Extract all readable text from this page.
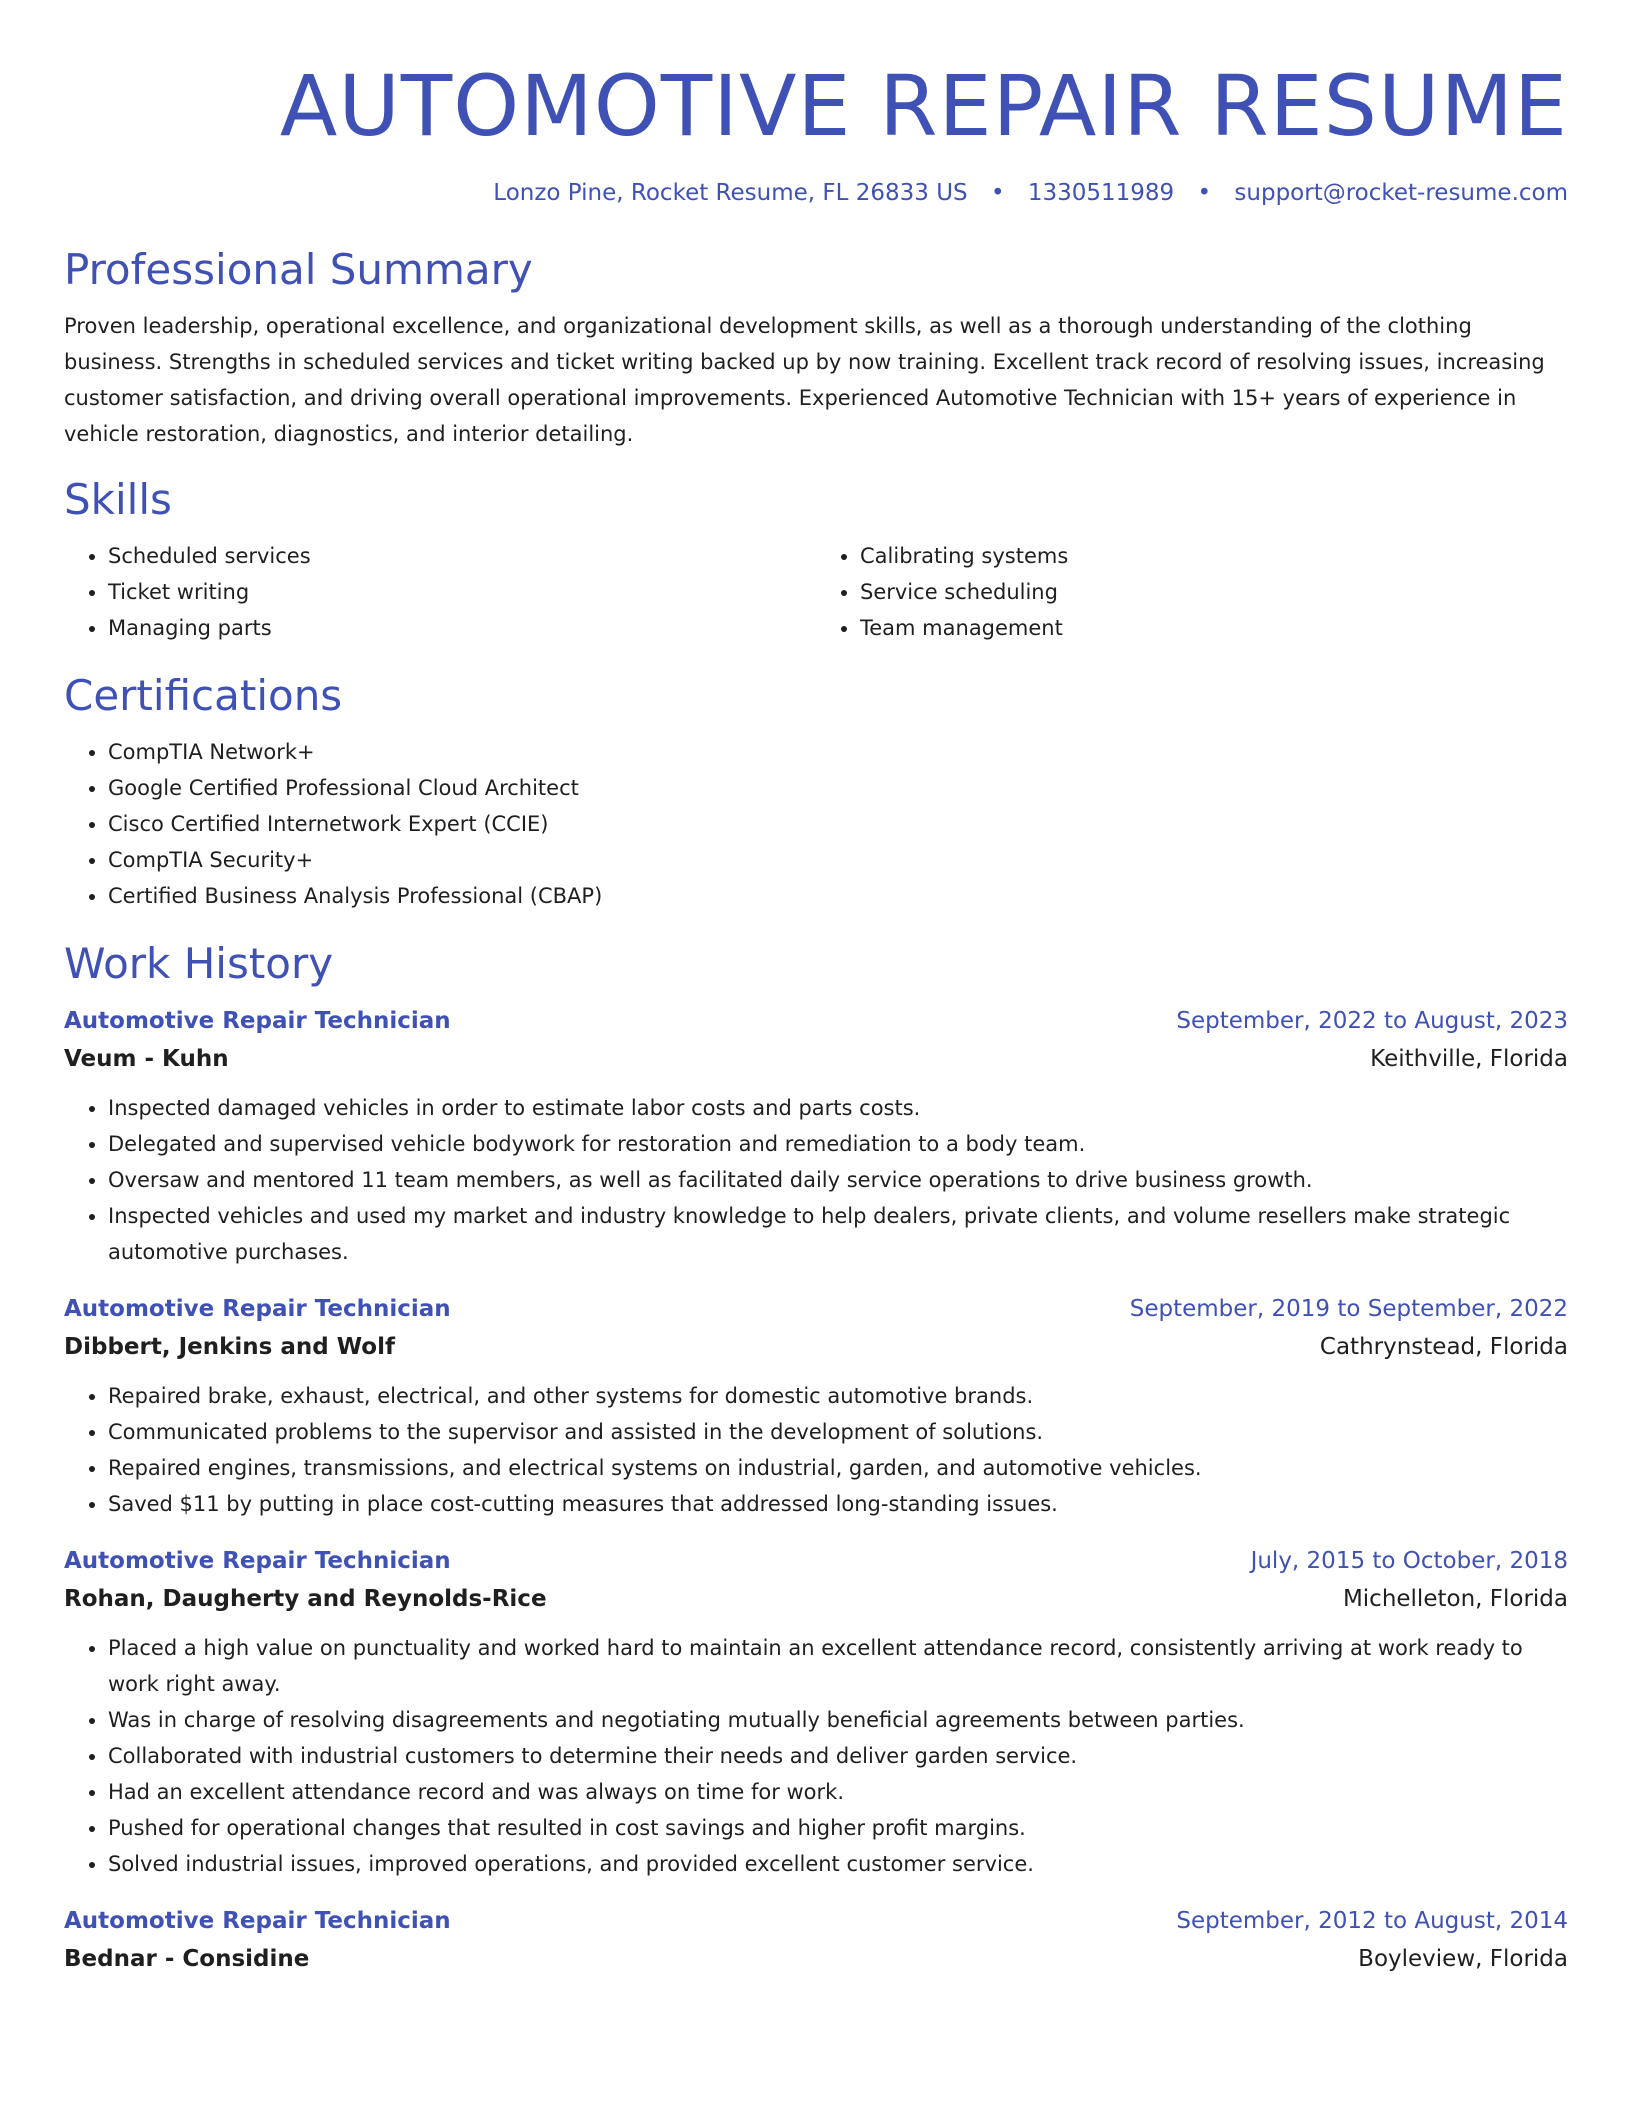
AUTOMOTIVE REPAIR RESUME
Lonzo Pine, Rocket Resume, FL 26833 US • 1330511989 • support@rocket-resume.com
Professional Summary

Proven leadership, operational excellence, and organizational development skills, as well as a thorough understanding of the clothing business. Strengths in scheduled services and ticket writing backed up by now training. Excellent track record of resolving issues, increasing customer satisfaction, and driving overall operational improvements. Experienced Automotive Technician with 15+ years of experience in vehicle restoration, diagnostics, and interior detailing.

Skills
• Scheduled services
• Ticket writing
• Managing parts
• Calibrating systems
• Service scheduling
• Team management
Certifications
• CompTIA Network+
• Google Certified Professional Cloud Architect
• Cisco Certified Internetwork Expert (CCIE)
• CompTIA Security+
• Certified Business Analysis Professional (CBAP)
Work History
Automotive Repair Technician	September, 2022 to August, 2023
Veum - Kuhn	Keithville, Florida
• Inspected damaged vehicles in order to estimate labor costs and parts costs.
• Delegated and supervised vehicle bodywork for restoration and remediation to a body team.
• Oversaw and mentored 11 team members, as well as facilitated daily service operations to drive business growth.
• Inspected vehicles and used my market and industry knowledge to help dealers, private clients, and volume resellers make strategic automotive purchases.
Automotive Repair Technician	September, 2019 to September, 2022
Dibbert, Jenkins and Wolf	Cathrynstead, Florida
• Repaired brake, exhaust, electrical, and other systems for domestic automotive brands.
• Communicated problems to the supervisor and assisted in the development of solutions.
• Repaired engines, transmissions, and electrical systems on industrial, garden, and automotive vehicles.
• Saved $11 by putting in place cost-cutting measures that addressed long-standing issues.
Automotive Repair Technician	July, 2015 to October, 2018
Rohan, Daugherty and Reynolds-Rice	Michelleton, Florida
• Placed a high value on punctuality and worked hard to maintain an excellent attendance record, consistently arriving at work ready to work right away.
• Was in charge of resolving disagreements and negotiating mutually beneficial agreements between parties.
• Collaborated with industrial customers to determine their needs and deliver garden service.
• Had an excellent attendance record and was always on time for work.
• Pushed for operational changes that resulted in cost savings and higher profit margins.
• Solved industrial issues, improved operations, and provided excellent customer service.
Automotive Repair Technician	September, 2012 to August, 2014
Bednar - Considine	Boyleview, Florida
